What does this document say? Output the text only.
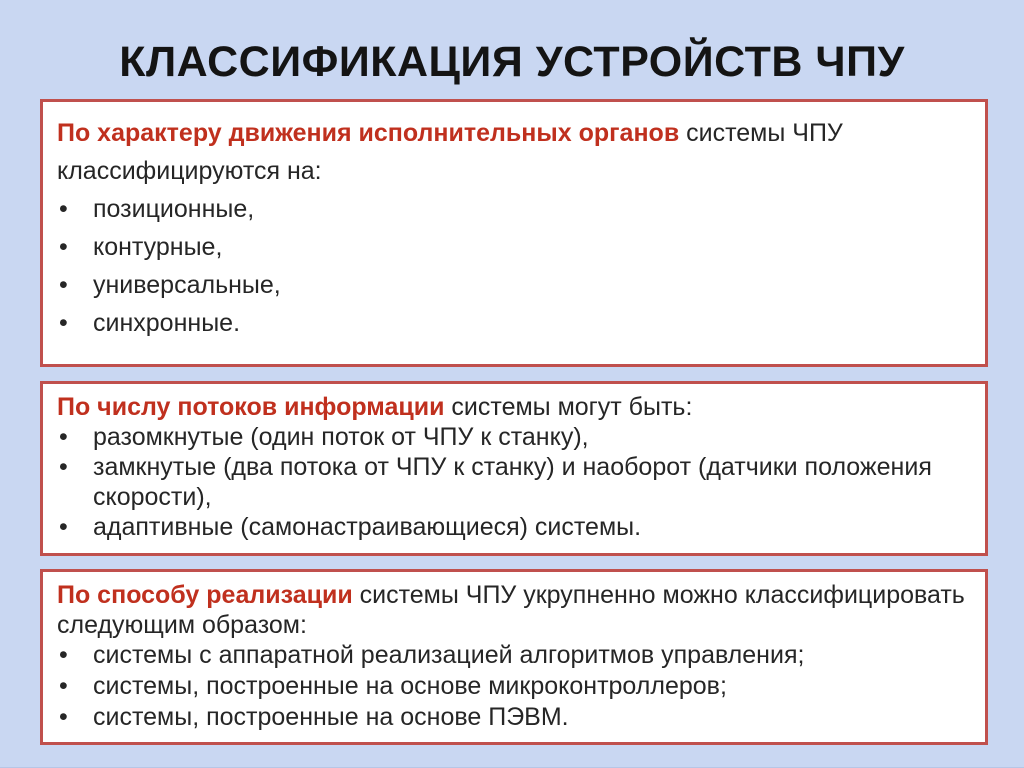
КЛАССИФИКАЦИЯ УСТРОЙСТВ ЧПУ

По характеру движения исполнительных органов системы ЧПУ классифицируются на:

• позиционные,
• контурные,
• универсальные,
• синхронные.

По числу потоков информации системы могут быть:

• разомкнутые (один поток от ЧПУ к станку),
• замкнутые (два потока от ЧПУ к станку) и наоборот (датчики положения скорости),
• адаптивные (самонастраивающиеся) системы.

По способу реализации системы ЧПУ укрупненно можно классифицировать следующим образом:

• системы с аппаратной реализацией алгоритмов управления;
• системы, построенные на основе микроконтроллеров;
• системы, построенные на основе ПЭВМ.
